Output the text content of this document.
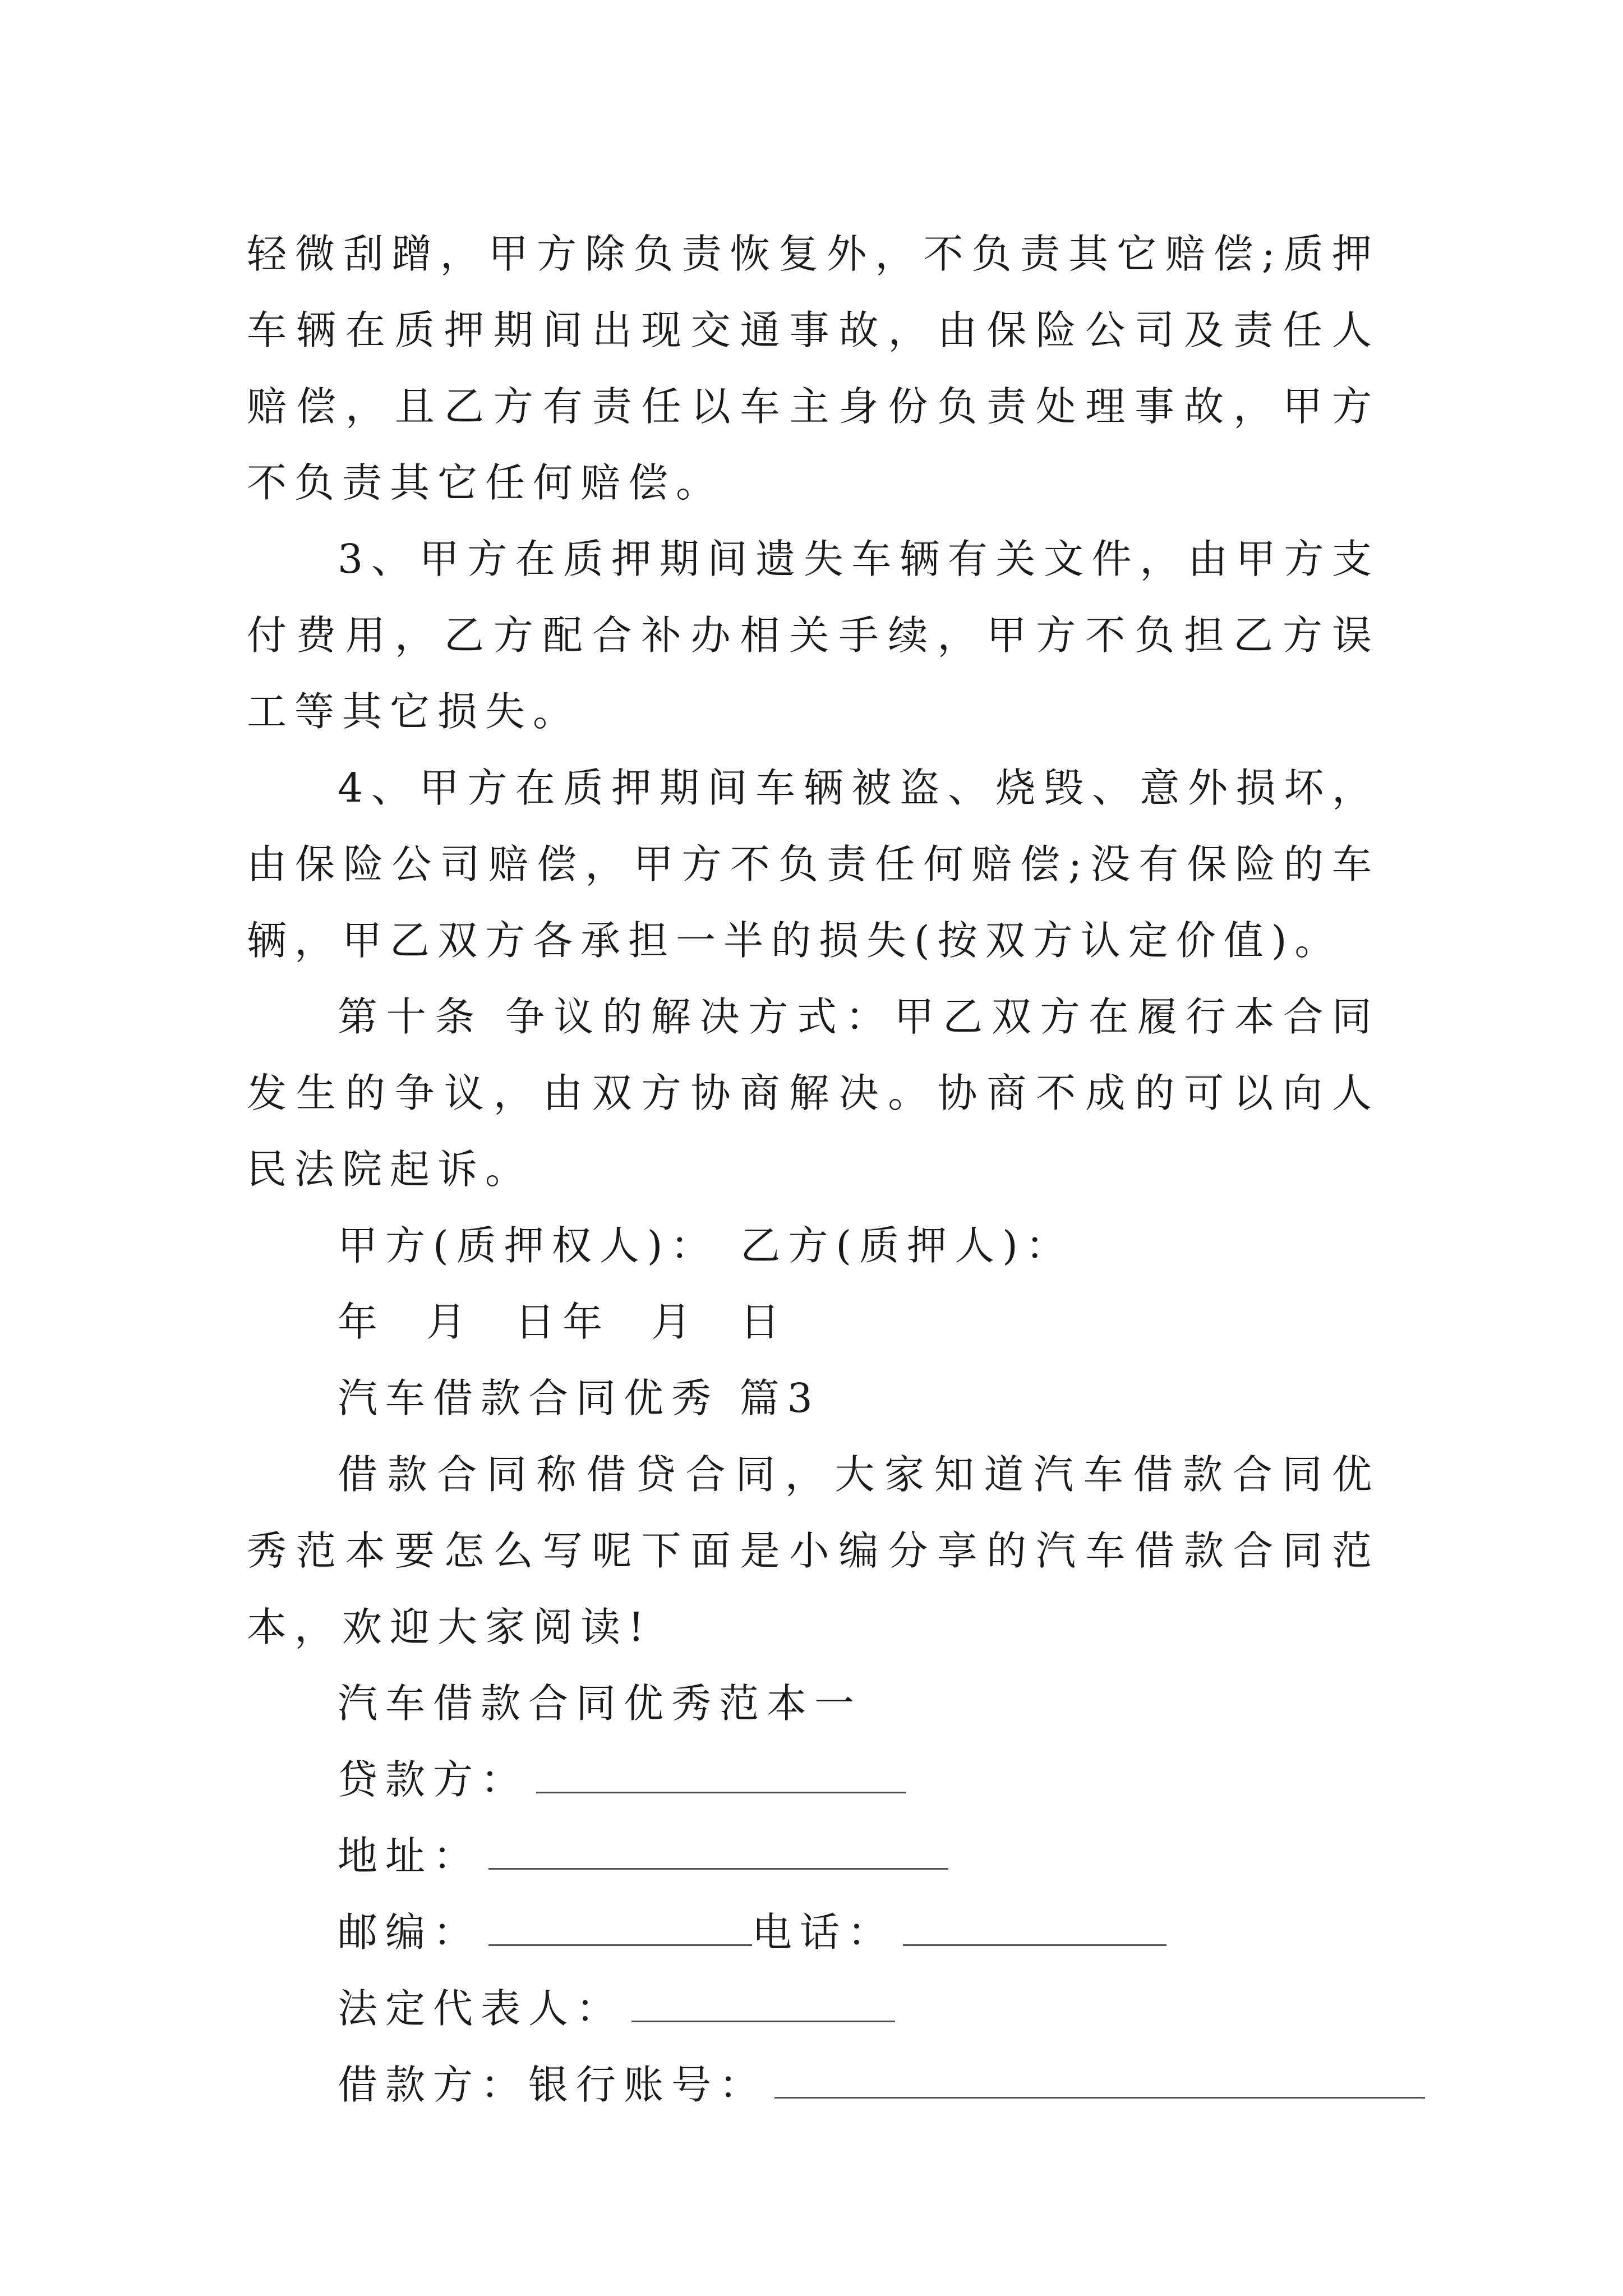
轻微刮蹭，甲方除负责恢复外，不负责其它赔偿;质押车辆在质押期间出现交通事故，由保险公司及责任人赔偿，且乙方有责任以车主身份负责处理事故，甲方不负责其它任何赔偿。

3、甲方在质押期间遗失车辆有关文件，由甲方支付费用，乙方配合补办相关手续，甲方不负担乙方误工等其它损失。

4、甲方在质押期间车辆被盗、烧毁、意外损坏，由保险公司赔偿，甲方不负责任何赔偿;没有保险的车辆，甲乙双方各承担一半的损失(按双方认定价值)。

第十条 争议的解决方式：甲乙双方在履行本合同发生的争议，由双方协商解决。协商不成的可以向人民法院起诉。

甲方(质押权人)： 乙方(质押人)：

年  月  日年  月  日

汽车借款合同优秀 篇3

借款合同称借贷合同，大家知道汽车借款合同优秀范本要怎么写呢下面是小编分享的汽车借款合同范本，欢迎大家阅读!

汽车借款合同优秀范本一

贷款方：

地址：

邮编：	电话：

法定代表人：

借款方：银行账号：
